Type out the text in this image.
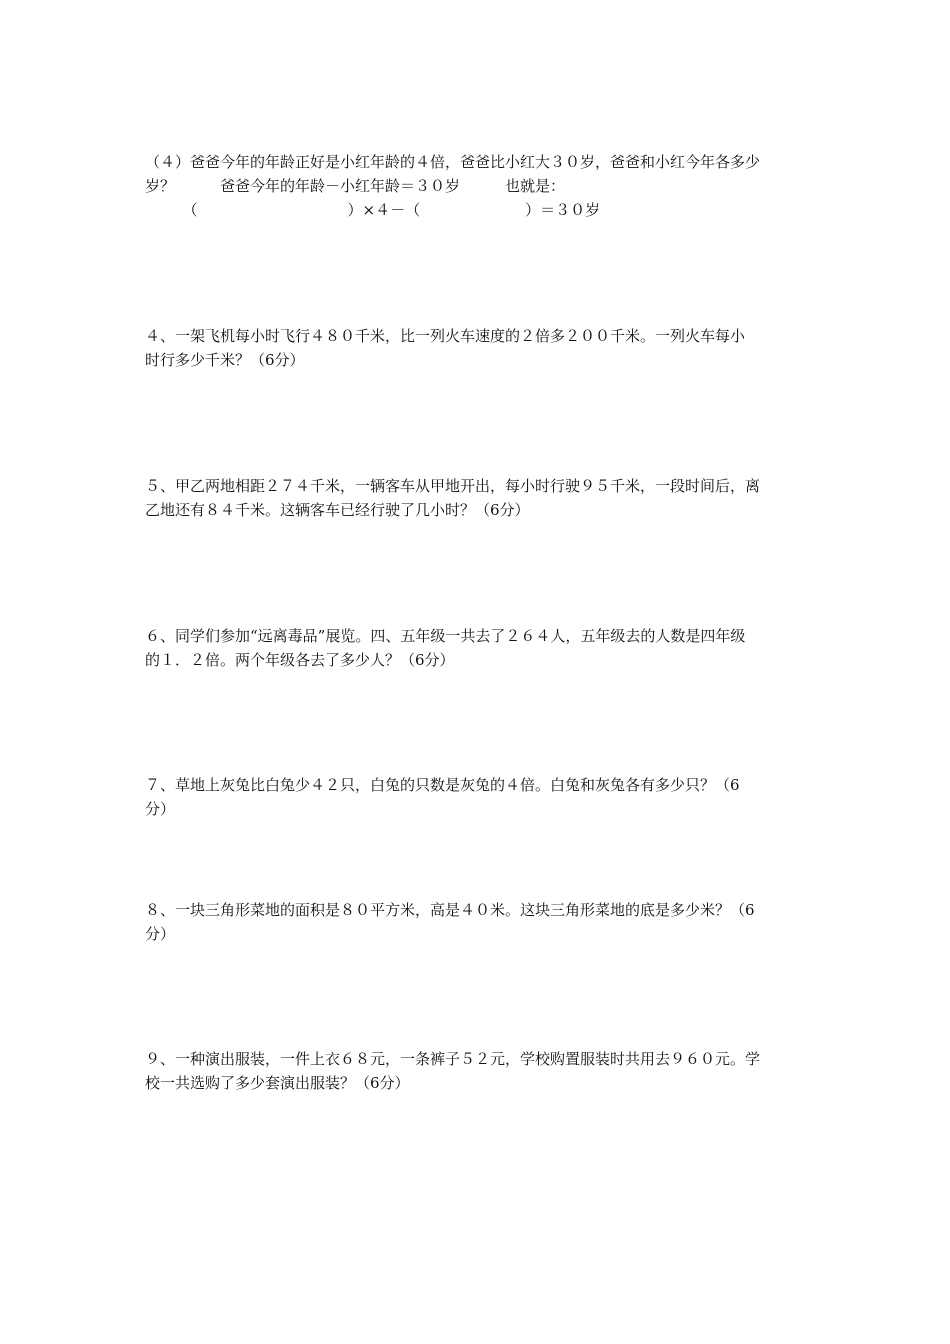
（４）爸爸今年的年龄正好是小红年龄的４倍，爸爸比小红大３０岁，爸爸和小红今年各多少
岁？　　　爸爸今年的年龄－小红年龄＝３０岁　　　也就是：
　　　（　　　　　　　　　　）×４－（　　　　　　　）＝３０岁
４、一架飞机每小时飞行４８０千米，比一列火车速度的２倍多２００千米。一列火车每小
时行多少千米？（6分）
５、甲乙两地相距２７４千米，一辆客车从甲地开出，每小时行驶９５千米，一段时间后，离
乙地还有８４千米。这辆客车已经行驶了几小时？（6分）
６、同学们参加“远离毒品”展览。四、五年级一共去了２６４人，五年级去的人数是四年级
的１．２倍。两个年级各去了多少人？（6分）
７、草地上灰兔比白兔少４２只，白兔的只数是灰兔的４倍。白兔和灰兔各有多少只？（6
分）
８、一块三角形菜地的面积是８０平方米，高是４０米。这块三角形菜地的底是多少米？（6
分）
９、一种演出服装，一件上衣６８元，一条裤子５２元，学校购置服装时共用去９６０元。学
校一共选购了多少套演出服装？（6分）
